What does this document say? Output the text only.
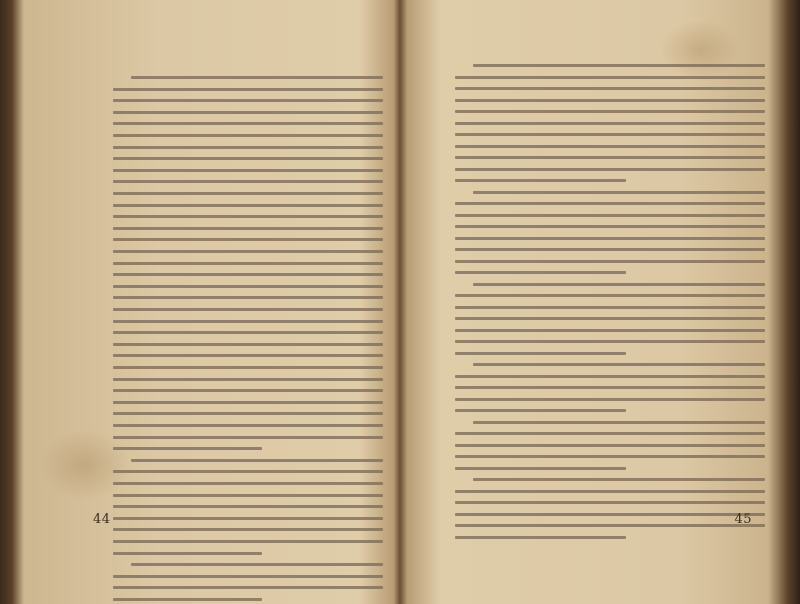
44	45
